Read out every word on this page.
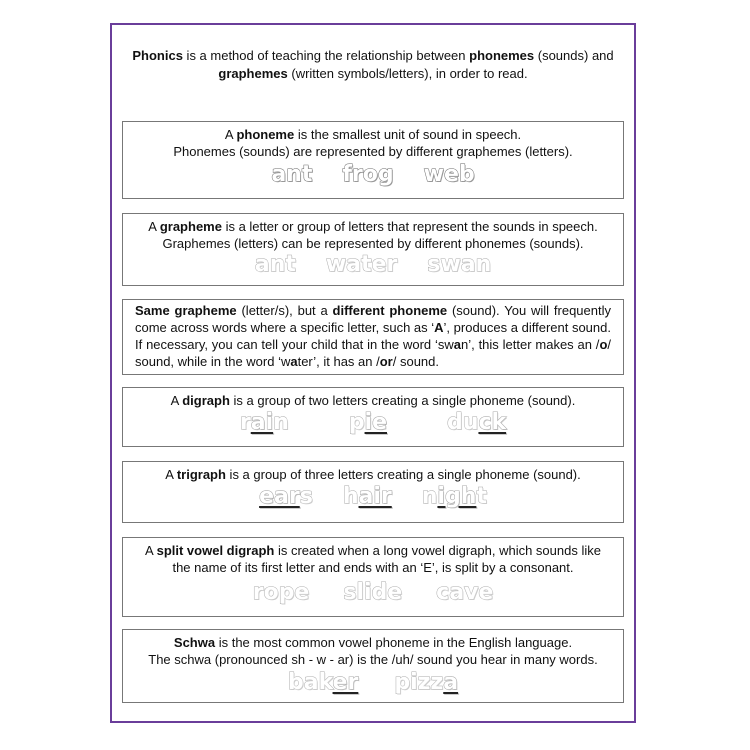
Phonics is a method of teaching the relationship between phonemes (sounds) and graphemes (written symbols/letters), in order to read.
A phoneme is the smallest unit of sound in speech.
Phonemes (sounds) are represented by different graphemes (letters).
ant frog web
A grapheme is a letter or group of letters that represent the sounds in speech.
Graphemes (letters) can be represented by different phonemes (sounds).
ant water swan
Same grapheme (letter/s), but a different phoneme (sound). You will frequently come across words where a specific letter, such as ‘A’, produces a different sound. If necessary, you can tell your child that in the word ‘swan’, this letter makes an /o/ sound, while in the word ‘water’, it has an /or/ sound.
A digraph is a group of two letters creating a single phoneme (sound).
rain	pie	duck
A trigraph is a group of three letters creating a single phoneme (sound).
ears hair night
A split vowel digraph is created when a long vowel digraph, which sounds like the name of its first letter and ends with an ‘E’, is split by a consonant.
rope slide cave
Schwa is the most common vowel phoneme in the English language.
The schwa (pronounced sh - w - ar) is the /uh/ sound you hear in many words.
baker pizza
